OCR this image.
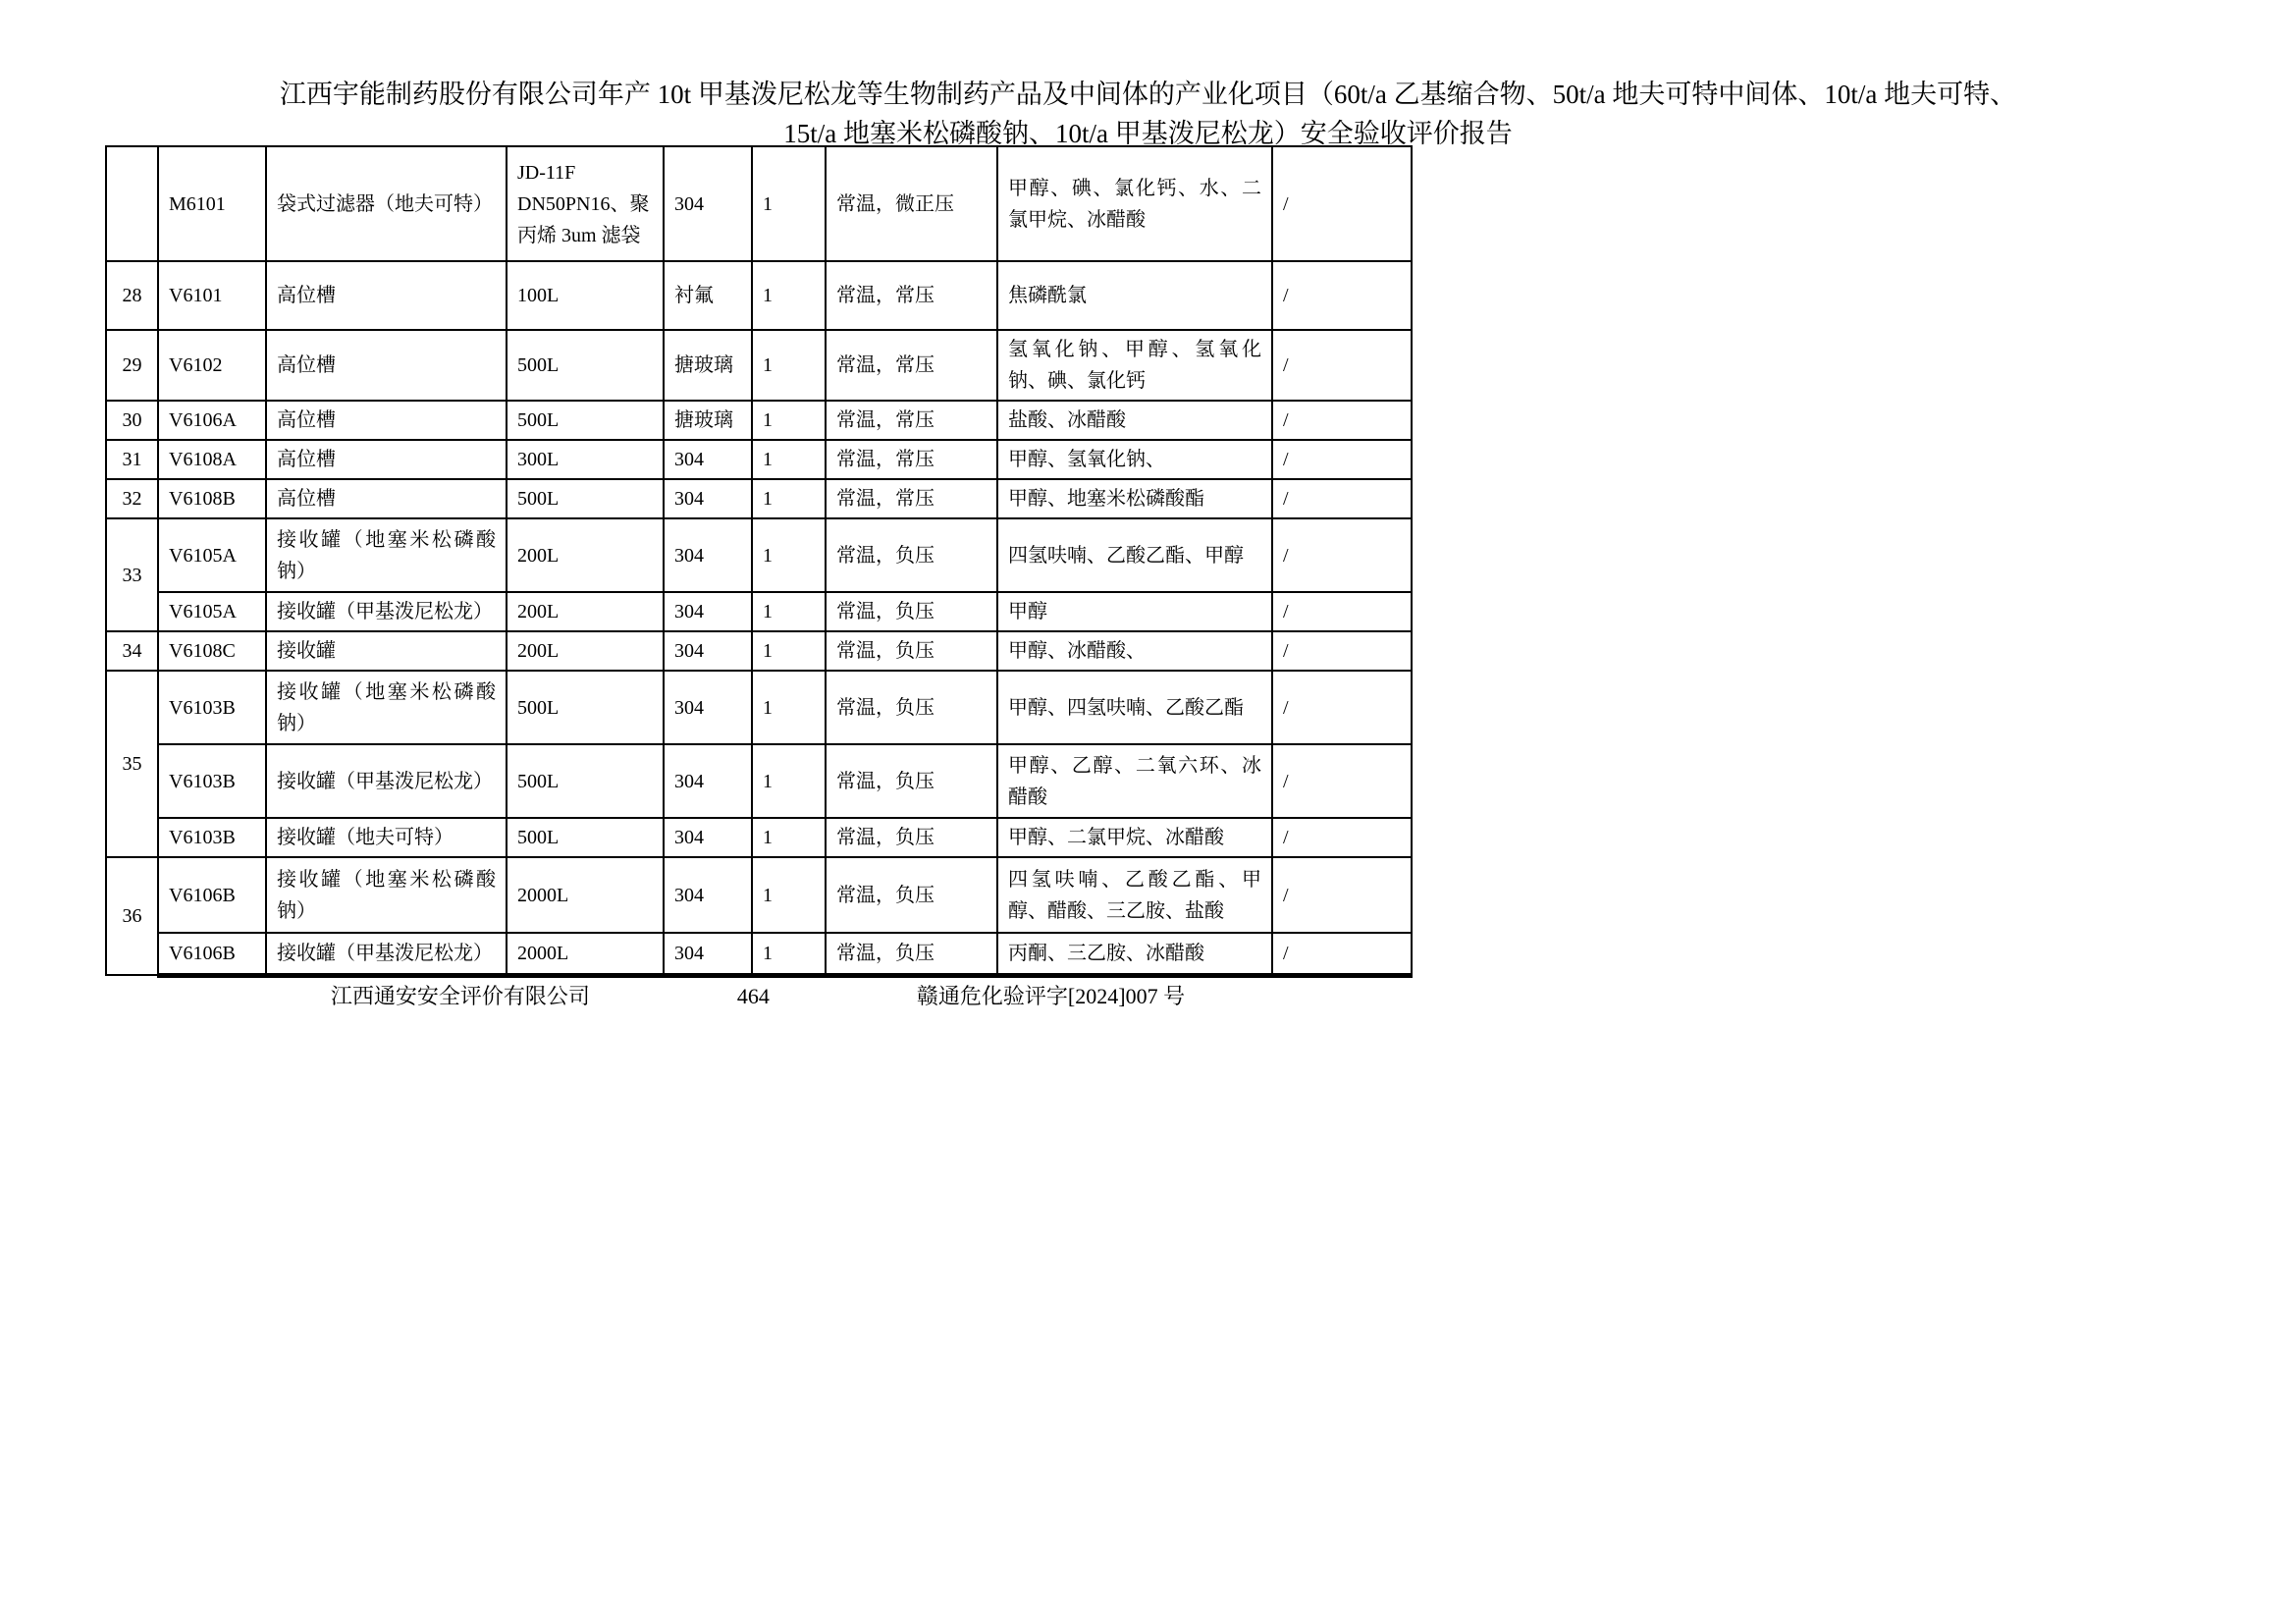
江西宇能制药股份有限公司年产 10t 甲基泼尼松龙等生物制药产品及中间体的产业化项目（60t/a 乙基缩合物、50t/a 地夫可特中间体、10t/a 地夫可特、
15t/a 地塞米松磷酸钠、10t/a 甲基泼尼松龙）安全验收评价报告
	M6101	袋式过滤器（地夫可特）	JD-11F DN50PN16、聚丙烯 3um 滤袋	304	1	常温，微正压	甲醇、碘、氯化钙、水、二氯甲烷、冰醋酸	/
28	V6101	高位槽	100L	衬氟	1	常温，常压	焦磷酰氯	/
29	V6102	高位槽	500L	搪玻璃	1	常温，常压	氢氧化钠、甲醇、氢氧化钠、碘、氯化钙	/
30	V6106A	高位槽	500L	搪玻璃	1	常温，常压	盐酸、冰醋酸	/
31	V6108A	高位槽	300L	304	1	常温，常压	甲醇、氢氧化钠、	/
32	V6108B	高位槽	500L	304	1	常温，常压	甲醇、地塞米松磷酸酯	/
33	V6105A	接收罐（地塞米松磷酸钠）	200L	304	1	常温，负压	四氢呋喃、乙酸乙酯、甲醇	/
	V6105A	接收罐（甲基泼尼松龙）	200L	304	1	常温，负压	甲醇	/
34	V6108C	接收罐	200L	304	1	常温，负压	甲醇、冰醋酸、	/
35	V6103B	接收罐（地塞米松磷酸钠）	500L	304	1	常温，负压	甲醇、四氢呋喃、乙酸乙酯	/
	V6103B	接收罐（甲基泼尼松龙）	500L	304	1	常温，负压	甲醇、乙醇、二氧六环、冰醋酸	/
	V6103B	接收罐（地夫可特）	500L	304	1	常温，负压	甲醇、二氯甲烷、冰醋酸	/
36	V6106B	接收罐（地塞米松磷酸钠）	2000L	304	1	常温，负压	四氢呋喃、乙酸乙酯、甲醇、醋酸、三乙胺、盐酸	/
	V6106B	接收罐（甲基泼尼松龙）	2000L	304	1	常温，负压	丙酮、三乙胺、冰醋酸	/
江西通安安全评价有限公司	464	赣通危化验评字[2024]007 号
